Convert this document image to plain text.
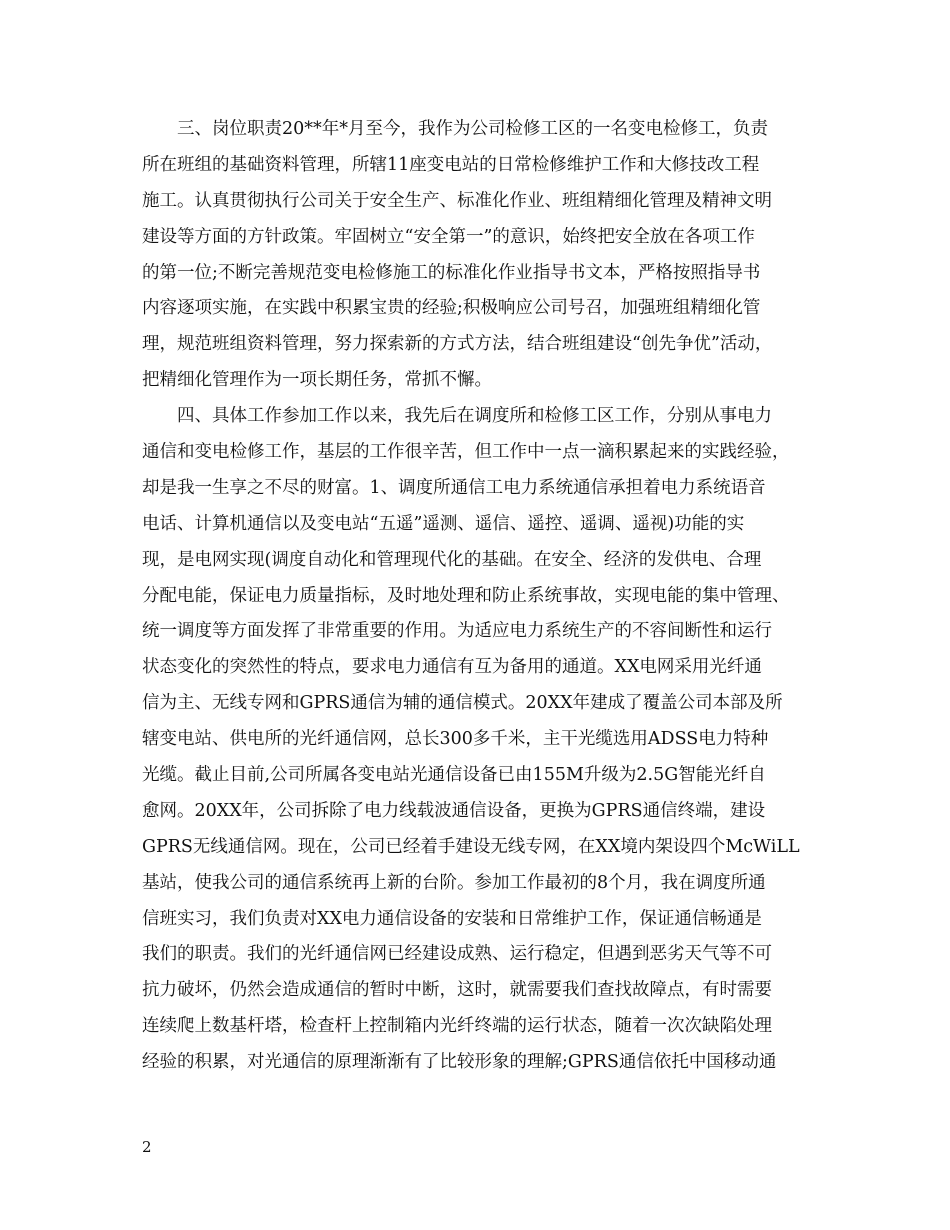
三、岗位职责20**年*月至今，我作为公司检修工区的一名变电检修工，负责
所在班组的基础资料管理，所辖11座变电站的日常检修维护工作和大修技改工程
施工。认真贯彻执行公司关于安全生产、标准化作业、班组精细化管理及精神文明
建设等方面的方针政策。牢固树立“安全第一”的意识，始终把安全放在各项工作
的第一位;不断完善规范变电检修施工的标准化作业指导书文本，严格按照指导书
内容逐项实施，在实践中积累宝贵的经验;积极响应公司号召，加强班组精细化管
理，规范班组资料管理，努力探索新的方式方法，结合班组建设“创先争优”活动，
把精细化管理作为一项长期任务，常抓不懈。
四、具体工作参加工作以来，我先后在调度所和检修工区工作，分别从事电力
通信和变电检修工作，基层的工作很辛苦，但工作中一点一滴积累起来的实践经验，
却是我一生享之不尽的财富。1、调度所通信工电力系统通信承担着电力系统语音
电话、计算机通信以及变电站“五遥”遥测、遥信、遥控、遥调、遥视)功能的实
现，是电网实现(调度自动化和管理现代化的基础。在安全、经济的发供电、合理
分配电能，保证电力质量指标，及时地处理和防止系统事故，实现电能的集中管理、
统一调度等方面发挥了非常重要的作用。为适应电力系统生产的不容间断性和运行
状态变化的突然性的特点，要求电力通信有互为备用的通道。XX电网采用光纤通
信为主、无线专网和GPRS通信为辅的通信模式。20XX年建成了覆盖公司本部及所
辖变电站、供电所的光纤通信网，总长300多千米，主干光缆选用ADSS电力特种
光缆。截止目前,公司所属各变电站光通信设备已由155M升级为2.5G智能光纤自
愈网。20XX年，公司拆除了电力线载波通信设备，更换为GPRS通信终端，建设
GPRS无线通信网。现在，公司已经着手建设无线专网，在XX境内架设四个McWiLL
基站，使我公司的通信系统再上新的台阶。参加工作最初的8个月，我在调度所通
信班实习，我们负责对XX电力通信设备的安装和日常维护工作，保证通信畅通是
我们的职责。我们的光纤通信网已经建设成熟、运行稳定，但遇到恶劣天气等不可
抗力破坏，仍然会造成通信的暂时中断，这时，就需要我们查找故障点，有时需要
连续爬上数基杆塔，检查杆上控制箱内光纤终端的运行状态，随着一次次缺陷处理
经验的积累，对光通信的原理渐渐有了比较形象的理解;GPRS通信依托中国移动通
2
